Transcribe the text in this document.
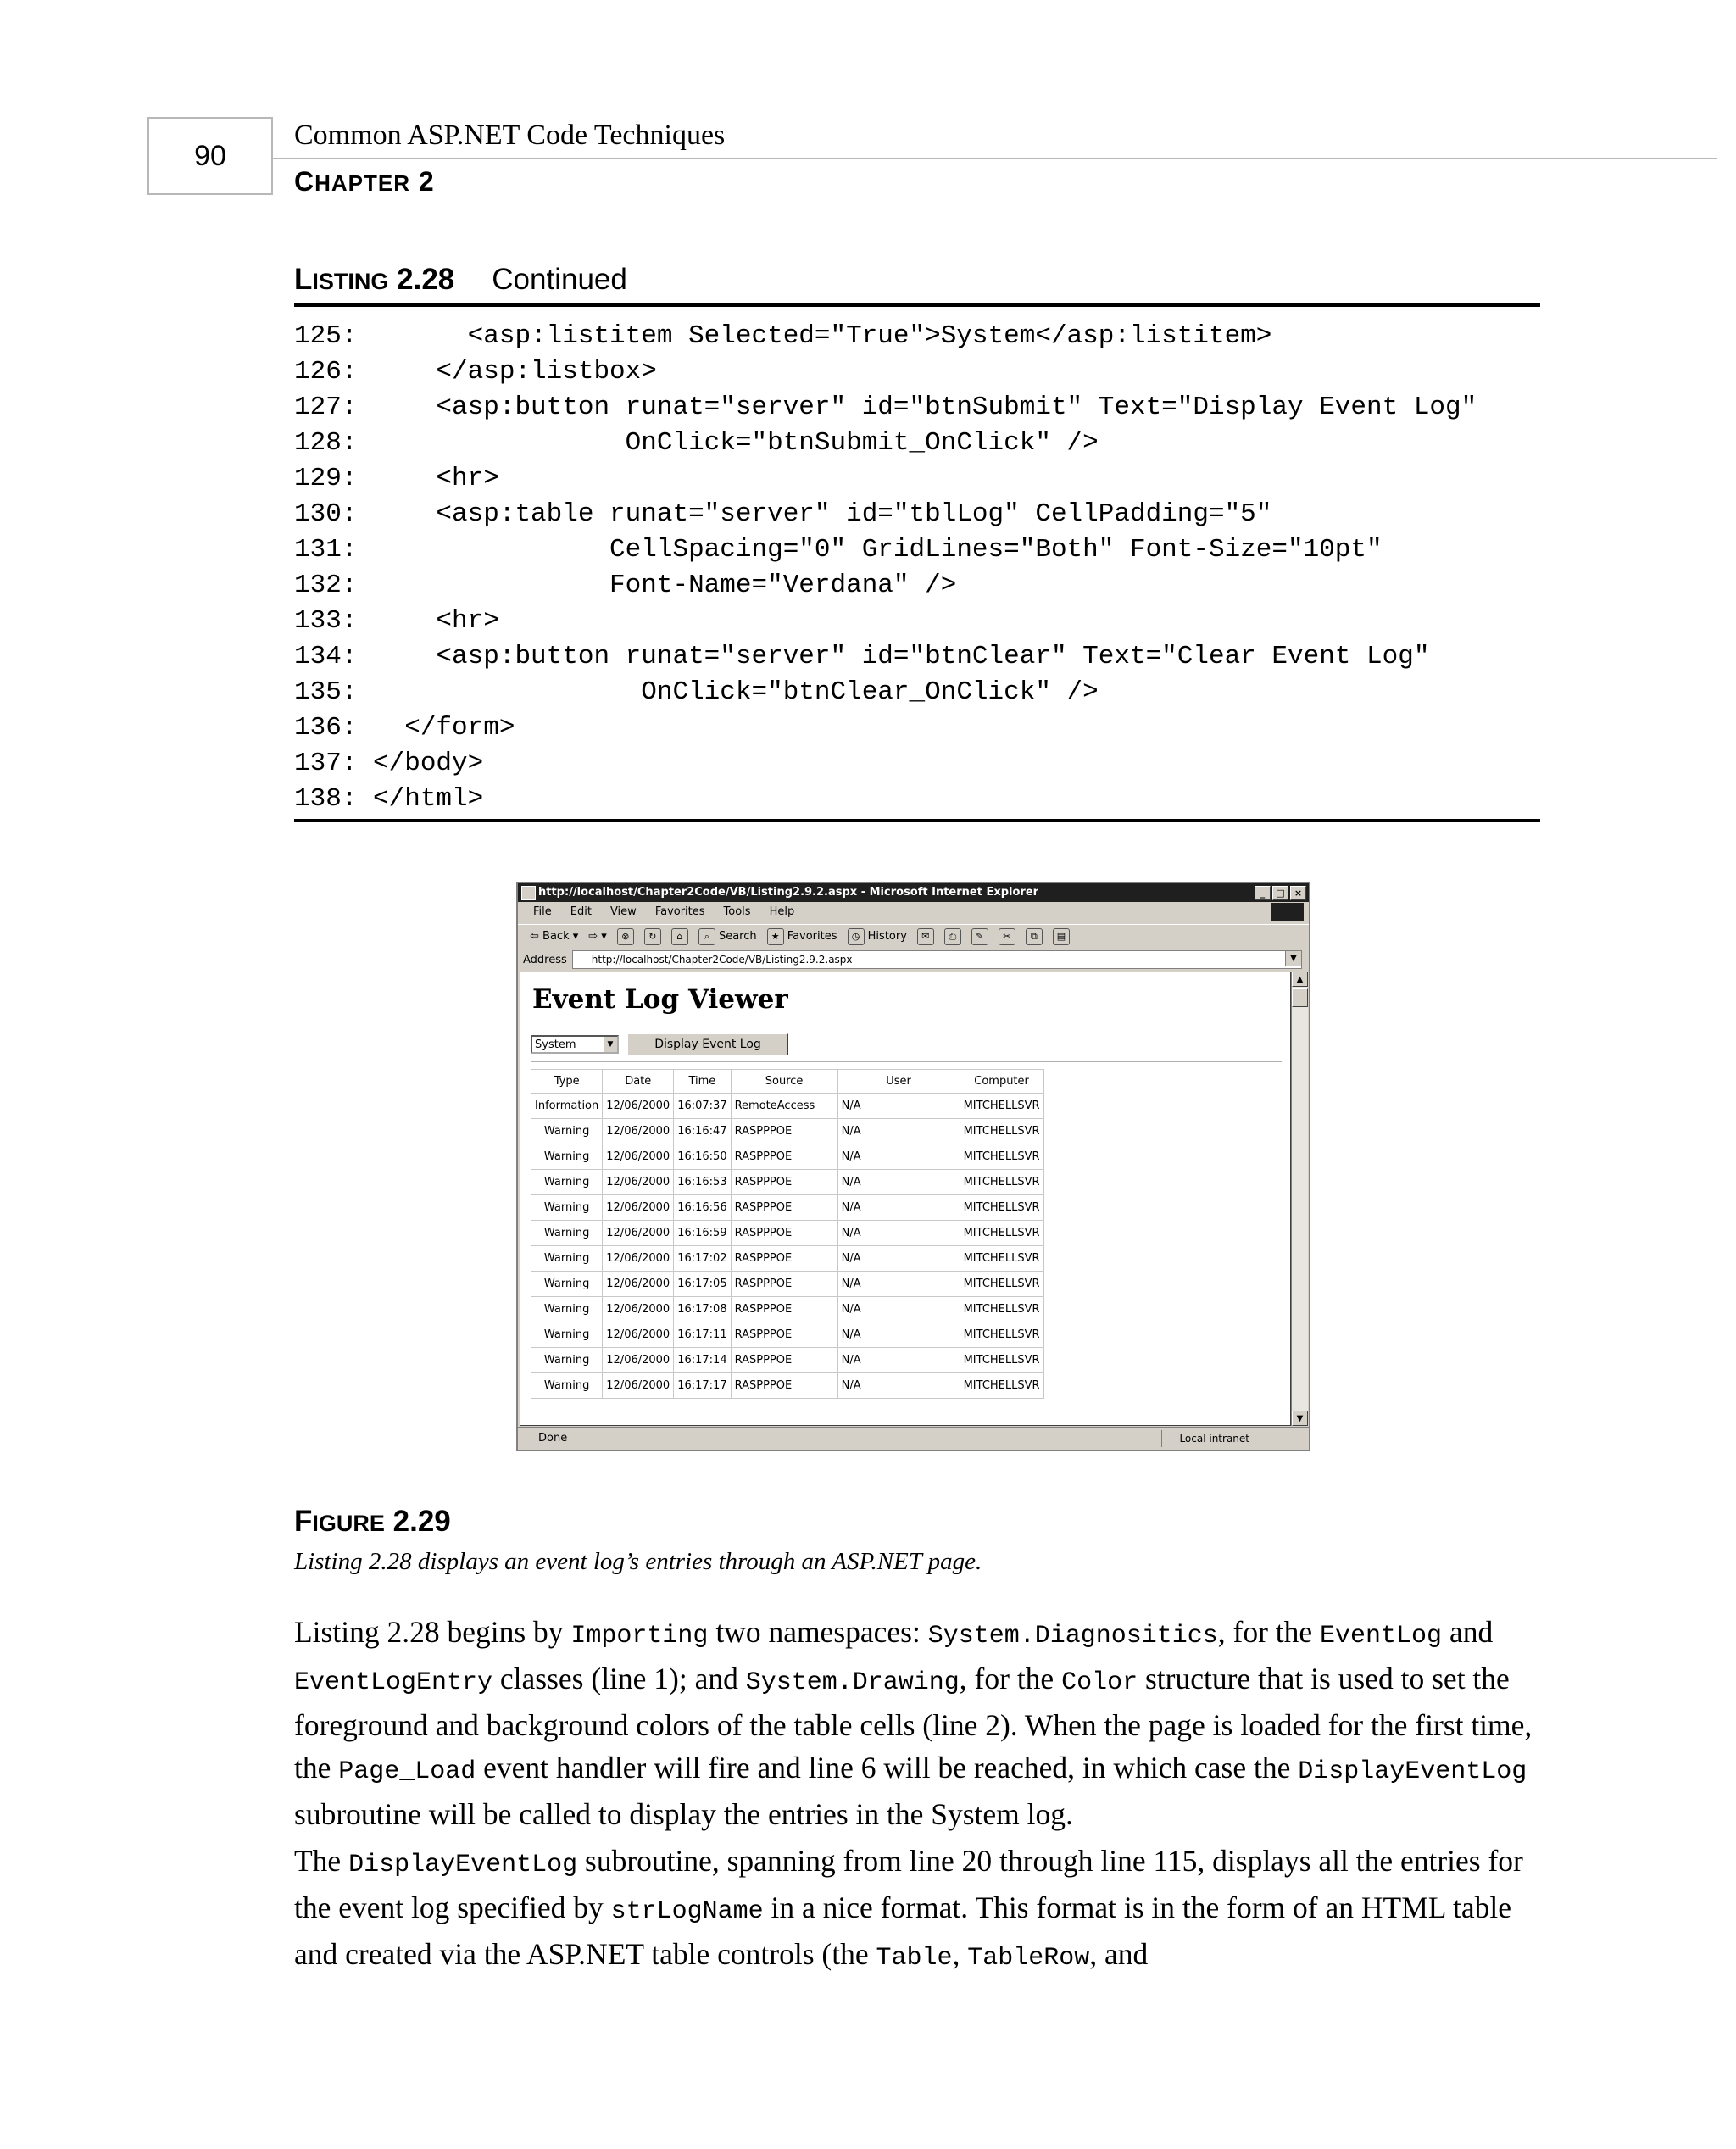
90
Common ASP.NET Code Techniques
CHAPTER 2
LISTING 2.28 Continued
125:       <asp:listitem Selected="True">System</asp:listitem>
126:     </asp:listbox>
127:     <asp:button runat="server" id="btnSubmit" Text="Display Event Log"
128:                 OnClick="btnSubmit_OnClick" />
129:     <hr>
130:     <asp:table runat="server" id="tblLog" CellPadding="5"
131:                CellSpacing="0" GridLines="Both" Font-Size="10pt"
132:                Font-Name="Verdana" />
133:     <hr>
134:     <asp:button runat="server" id="btnClear" Text="Clear Event Log"
135:                  OnClick="btnClear_OnClick" />
136:   </form>
137: </body>
138: </html>
http://localhost/Chapter2Code/VB/Listing2.9.2.aspx - Microsoft Internet Explorer	_	□	×
File Edit View Favorites Tools Help
⇦ Back ▾ ⇨ ▾	⊗	↻	⌂	⌕ Search	★ Favorites	◷ History	✉	⎙	✎	✂	⧉	▤
Address	http://localhost/Chapter2Code/VB/Listing2.9.2.aspx	▼
Event Log Viewer
System	▼	Display Event Log
Type	Date	Time	Source	User	Computer
Information	12/06/2000	16:07:37	RemoteAccess	N/A	MITCHELLSVR
Warning	12/06/2000	16:16:47	RASPPPOE	N/A	MITCHELLSVR
Warning	12/06/2000	16:16:50	RASPPPOE	N/A	MITCHELLSVR
Warning	12/06/2000	16:16:53	RASPPPOE	N/A	MITCHELLSVR
Warning	12/06/2000	16:16:56	RASPPPOE	N/A	MITCHELLSVR
Warning	12/06/2000	16:16:59	RASPPPOE	N/A	MITCHELLSVR
Warning	12/06/2000	16:17:02	RASPPPOE	N/A	MITCHELLSVR
Warning	12/06/2000	16:17:05	RASPPPOE	N/A	MITCHELLSVR
Warning	12/06/2000	16:17:08	RASPPPOE	N/A	MITCHELLSVR
Warning	12/06/2000	16:17:11	RASPPPOE	N/A	MITCHELLSVR
Warning	12/06/2000	16:17:14	RASPPPOE	N/A	MITCHELLSVR
Warning	12/06/2000	16:17:17	RASPPPOE	N/A	MITCHELLSVR
▲
▼
Done	Local intranet
FIGURE 2.29
Listing 2.28 displays an event log’s entries through an ASP.NET page.

Listing 2.28 begins by Importing two namespaces: System.Diagnositics, for the EventLog and EventLogEntry classes (line 1); and System.Drawing, for the Color structure that is used to set the foreground and background colors of the table cells (line 2). When the page is loaded for the first time, the Page_Load event handler will fire and line 6 will be reached, in which case the DisplayEventLog subroutine will be called to display the entries in the System log.

The DisplayEventLog subroutine, spanning from line 20 through line 115, displays all the entries for the event log specified by strLogName in a nice format. This format is in the form of an HTML table and created via the ASP.NET table controls (the Table, TableRow, and
